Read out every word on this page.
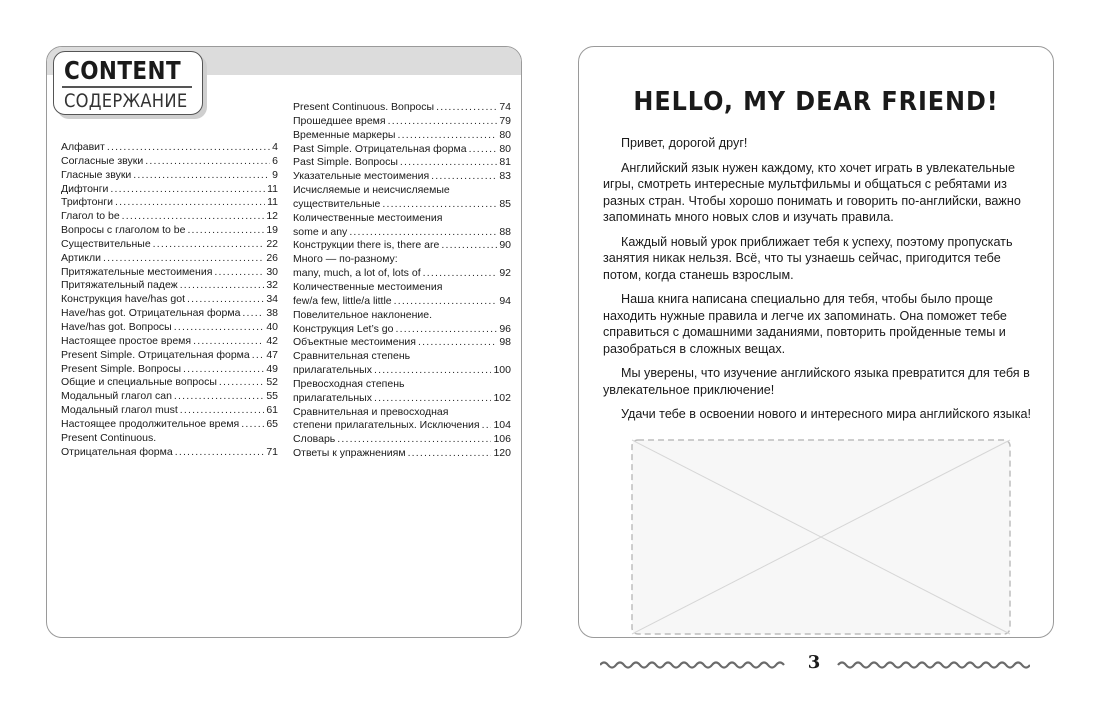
CONTENT
СОДЕРЖАНИЕ
Алфавит .....	4
Согласные звуки .....	6
Гласные звуки .....	9
Дифтонги .....	11
Трифтонги .....	11
Глагол to be .....	12
Вопросы с глаголом to be .....	19
Существительные .....	22
Артикли .....	26
Притяжательные местоимения .....	30
Притяжательный падеж .....	32
Конструкция have/has got .....	34
Have/has got. Отрицательная форма ..... 38
Have/has got. Вопросы .....	40
Настоящее простое время .....	42
Present Simple. Отрицательная форма ..... 47
Present Simple. Вопросы .....	49
Общие и специальные вопросы .....	52
Модальный глагол can .....	55
Модальный глагол must .....	61
Настоящее продолжительное время .....	65
Present Continuous.
Отрицательная форма .....	71
Present Continuous. Вопросы .....	74
Прошедшее время .....	79
Временные маркеры .....	80
Past Simple. Отрицательная форма .....	80
Past Simple. Вопросы .....	81
Указательные местоимения .....	83
Исчисляемые и неисчисляемые
существительные .....	85
Количественные местоимения
some и any .....	88
Конструкции there is, there are .....	90
Много — по-разному:
many, much, a lot of, lots of .....	92
Количественные местоимения
few/a few, little/a little .....	94
Повелительное наклонение.
Конструкция Let’s go .....	96
Объектные местоимения .....	98
Сравнительная степень
прилагательных .....	100
Превосходная степень
прилагательных .....	102
Сравнительная и превосходная
степени прилагательных. Исключения ..... 104
Словарь .....	106
Ответы к упражнениям .....	120
HELLO, MY DEAR FRIEND!

Привет, дорогой друг!

Английский язык нужен каждому, кто хочет играть в увлекательные игры, смотреть интересные мультфильмы и общаться с ребятами из разных стран. Чтобы хорошо понимать и говорить по-английски, важно запоминать много новых слов и изучать правила.

Каждый новый урок приближает тебя к успеху, поэтому пропускать занятия никак нельзя. Всё, что ты узнаешь сейчас, пригодится тебе потом, когда станешь взрослым.

Наша книга написана специально для тебя, чтобы было проще находить нужные правила и легче их запоминать. Она поможет тебе справиться с домашними заданиями, повторить пройденные темы и разобраться в сложных вещах.

Мы уверены, что изучение английского языка превратится для тебя в увлекательное приключение!

Удачи тебе в освоении нового и интересного мира английского языка!

3
